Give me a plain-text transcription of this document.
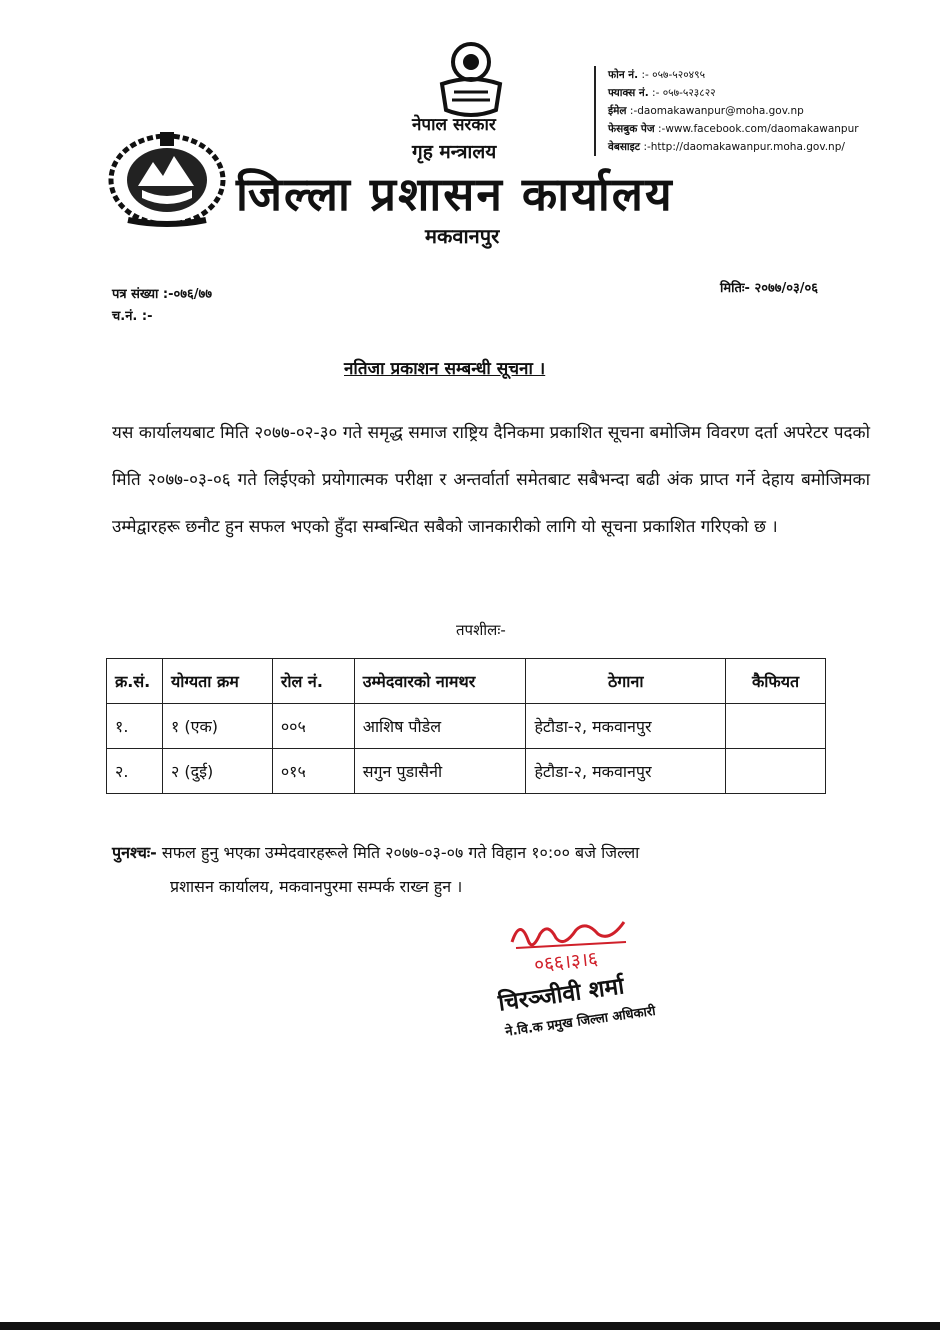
नेपाल सरकार
गृह मन्त्रालय
जिल्ला प्रशासन कार्यालय
मकवानपुर
फोन नं. :- ०५७-५२०४९५
फ्याक्स नं. :- ०५७-५२३८२२
ईमेल :-daomakawanpur@moha.gov.np
फेसबुक पेज :-www.facebook.com/daomakawanpur
वेबसाइट :-http://daomakawanpur.moha.gov.np/
पत्र संख्या :-०७६/७७
च.नं. :-
मितिः- २०७७/०३/०६
नतिजा प्रकाशन सम्बन्धी सूचना ।
यस कार्यालयबाट मिति २०७७-०२-३० गते समृद्ध समाज राष्ट्रिय दैनिकमा प्रकाशित सूचना बमोजिम विवरण दर्ता अपरेटर पदको मिति २०७७-०३-०६ गते लिईएको प्रयोगात्मक परीक्षा र अन्तर्वार्ता समेतबाट सबैभन्दा बढी अंक प्राप्त गर्ने देहाय बमोजिमका उम्मेद्वारहरू छनौट हुन सफल भएको हुँदा सम्बन्धित सबैको जानकारीको लागि यो सूचना प्रकाशित गरिएको छ ।
तपशीलः-
क्र.सं.	योग्यता क्रम	रोल नं.	उम्मेदवारको नामथर	ठेगाना	कैफियत
१.	१ (एक)	००५	आशिष पौडेल	हेटौडा-२, मकवानपुर	
२.	२ (दुई)	०१५	सगुन पुडासैनी	हेटौडा-२, मकवानपुर	
पुनश्चः- सफल हुनु भएका उम्मेदवारहरूले मिति २०७७-०३-०७ गते विहान १०:०० बजे जिल्ला
प्रशासन कार्यालय, मकवानपुरमा सम्पर्क राख्न हुन ।
०६६।३।६
चिरञ्जीवी शर्मा
ने.वि.क प्रमुख जिल्ला अधिकारी
